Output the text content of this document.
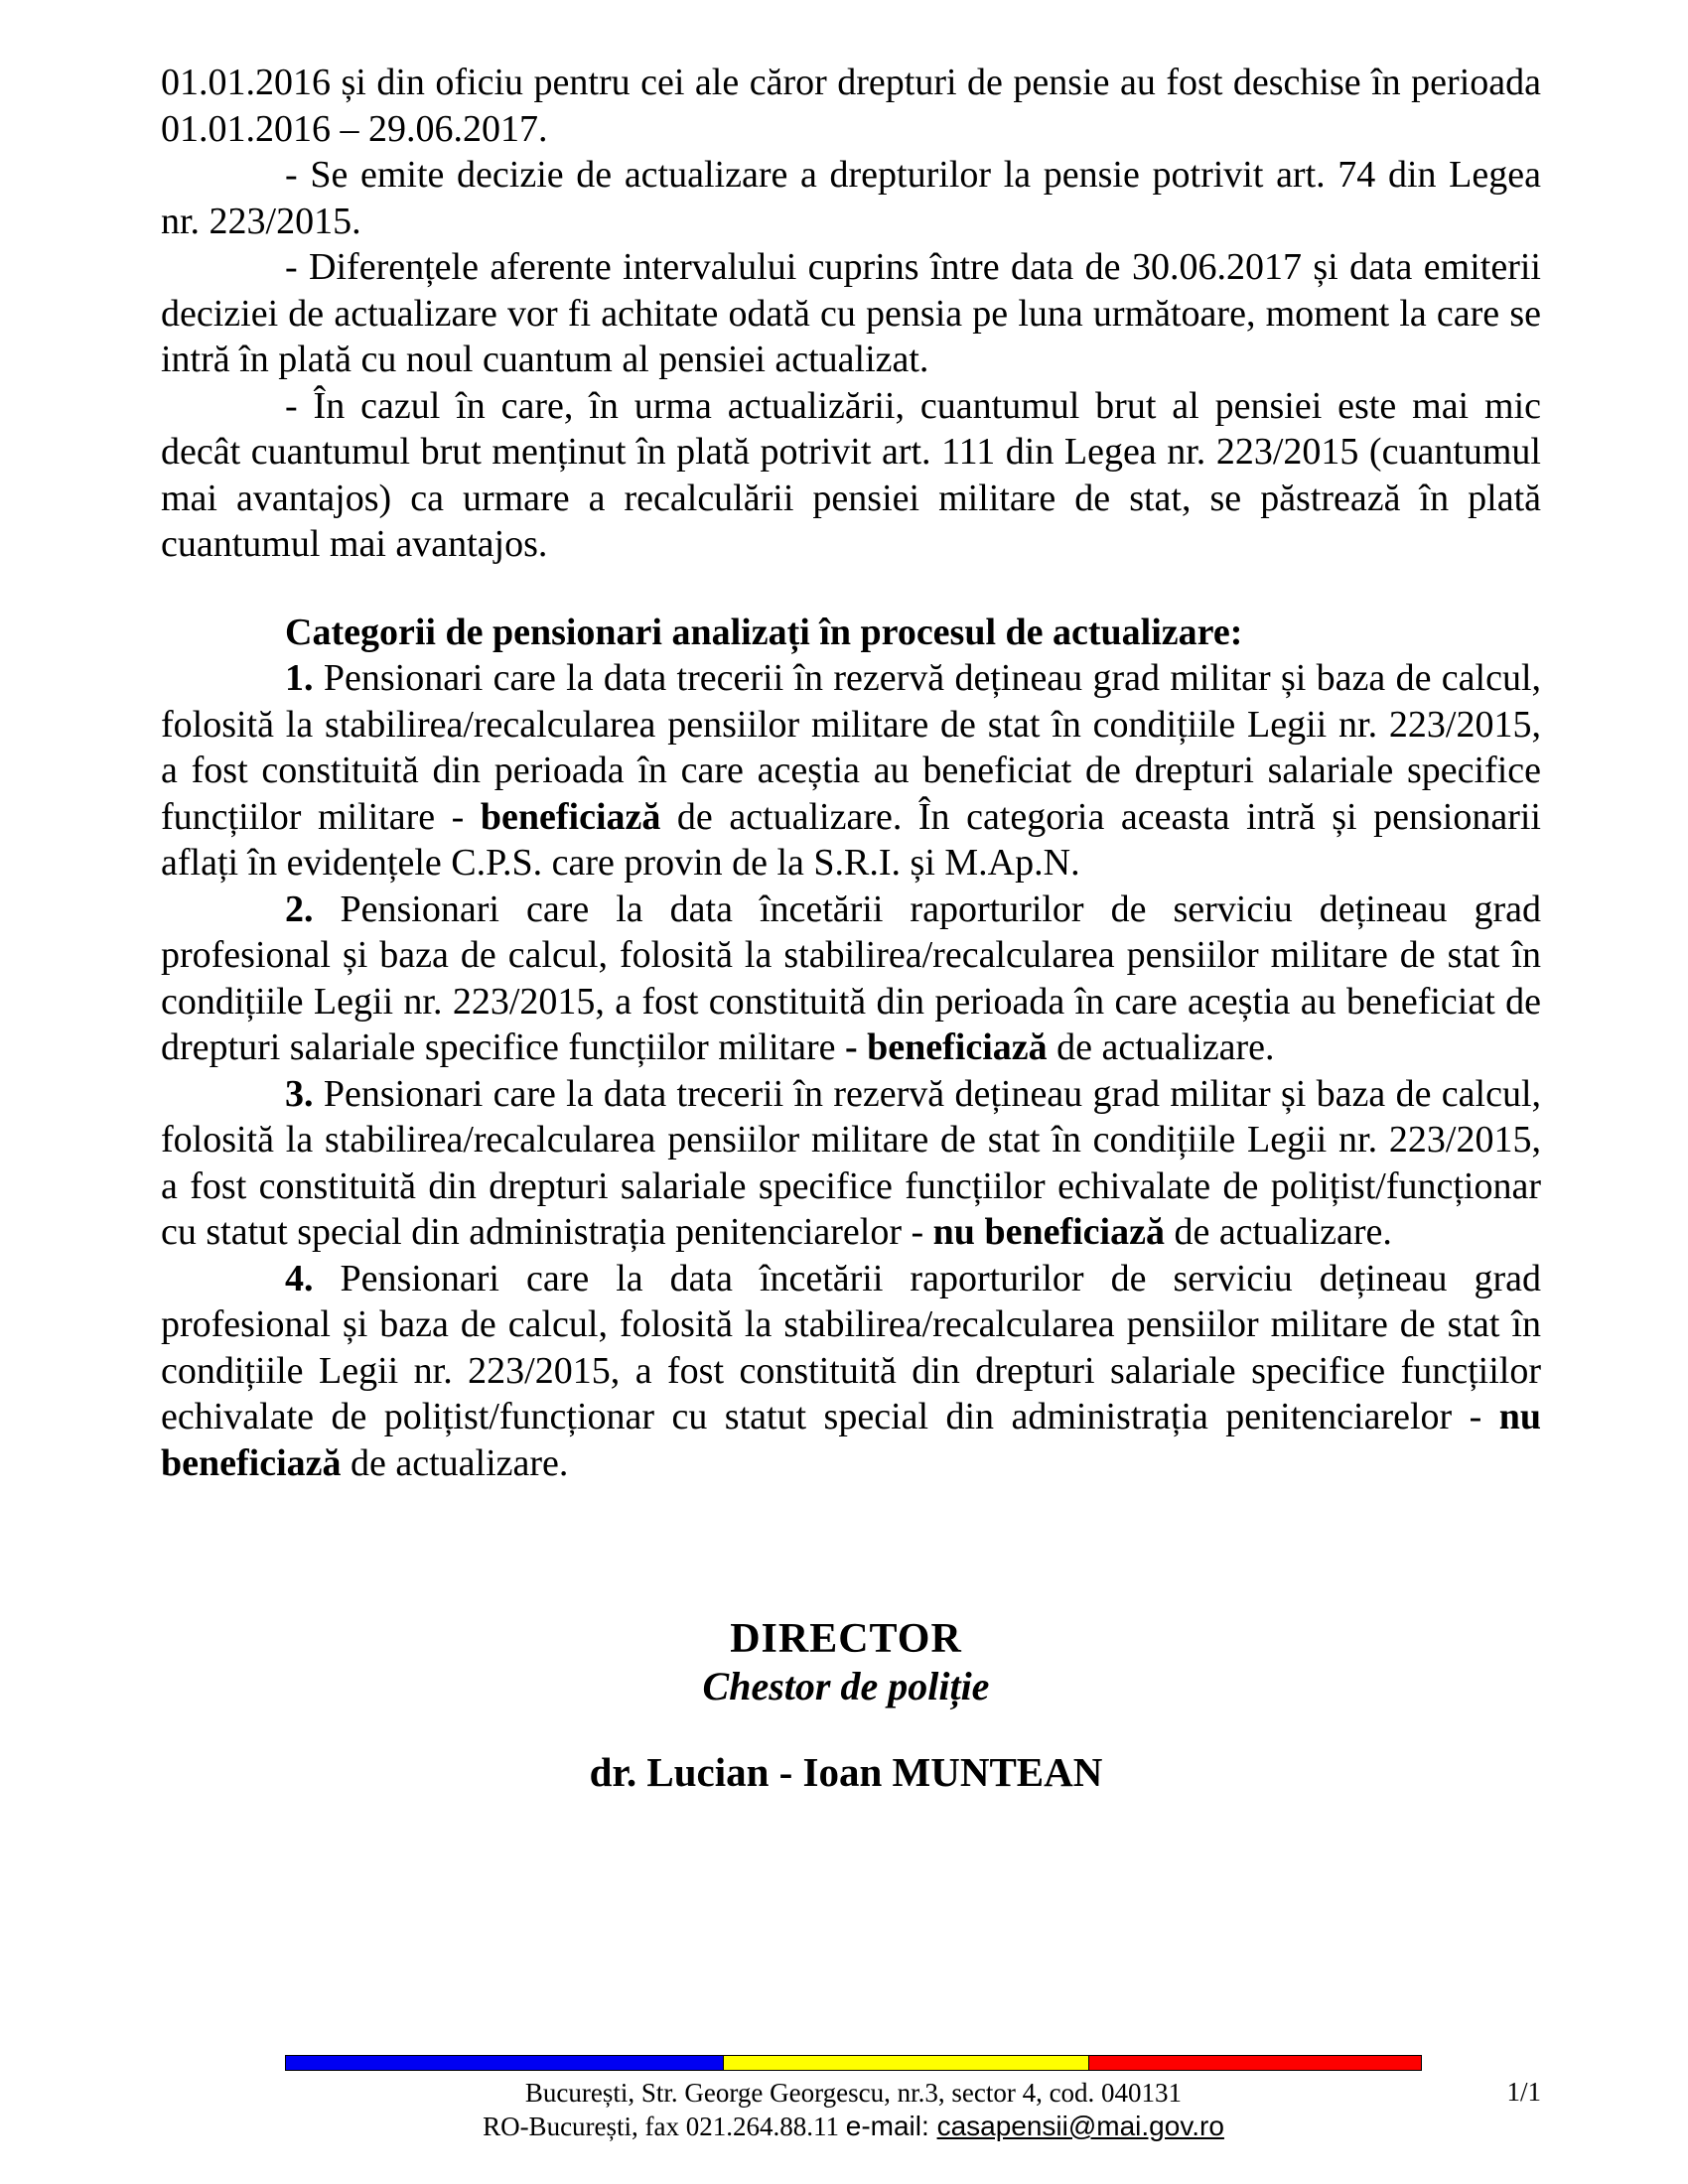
01.01.2016 și din oficiu pentru cei ale căror drepturi de pensie au fost deschise în perioada 01.01.2016 – 29.06.2017.

- Se emite decizie de actualizare a drepturilor la pensie potrivit art. 74 din Legea nr. 223/2015.

- Diferențele aferente intervalului cuprins între data de 30.06.2017 și data emiterii deciziei de actualizare vor fi achitate odată cu pensia pe luna următoare, moment la care se intră în plată cu noul cuantum al pensiei actualizat.

- În cazul în care, în urma actualizării, cuantumul brut al pensiei este mai mic decât cuantumul brut menținut în plată potrivit art. 111 din Legea nr. 223/2015 (cuantumul mai avantajos) ca urmare a recalculării pensiei militare de stat, se păstrează în plată cuantumul mai avantajos.

Categorii de pensionari analizați în procesul de actualizare:

1. Pensionari care la data trecerii în rezervă dețineau grad militar și baza de calcul, folosită la stabilirea/recalcularea pensiilor militare de stat în condițiile Legii nr. 223/2015, a fost constituită din perioada în care aceștia au beneficiat de drepturi salariale specifice funcțiilor militare - beneficiază de actualizare. În categoria aceasta intră și pensionarii aflați în evidențele C.P.S. care provin de la S.R.I. și M.Ap.N.

2. Pensionari care la data încetării raporturilor de serviciu dețineau grad profesional și baza de calcul, folosită la stabilirea/recalcularea pensiilor militare de stat în condițiile Legii nr. 223/2015, a fost constituită din perioada în care aceștia au beneficiat de drepturi salariale specifice funcțiilor militare - beneficiază de actualizare.

3. Pensionari care la data trecerii în rezervă dețineau grad militar și baza de calcul, folosită la stabilirea/recalcularea pensiilor militare de stat în condițiile Legii nr. 223/2015, a fost constituită din drepturi salariale specifice funcțiilor echivalate de polițist/funcționar cu statut special din administrația penitenciarelor - nu beneficiază de actualizare.

4. Pensionari care la data încetării raporturilor de serviciu dețineau grad profesional și baza de calcul, folosită la stabilirea/recalcularea pensiilor militare de stat în condițiile Legii nr. 223/2015, a fost constituită din drepturi salariale specifice funcțiilor echivalate de polițist/funcționar cu statut special din administrația penitenciarelor - nu beneficiază de actualizare.

DIRECTOR
Chestor de poliție
dr. Lucian - Ioan MUNTEAN
București, Str. George Georgescu, nr.3, sector 4, cod. 040131
RO-București, fax 021.264.88.11 e-mail: casapensii@mai.gov.ro
1/1
